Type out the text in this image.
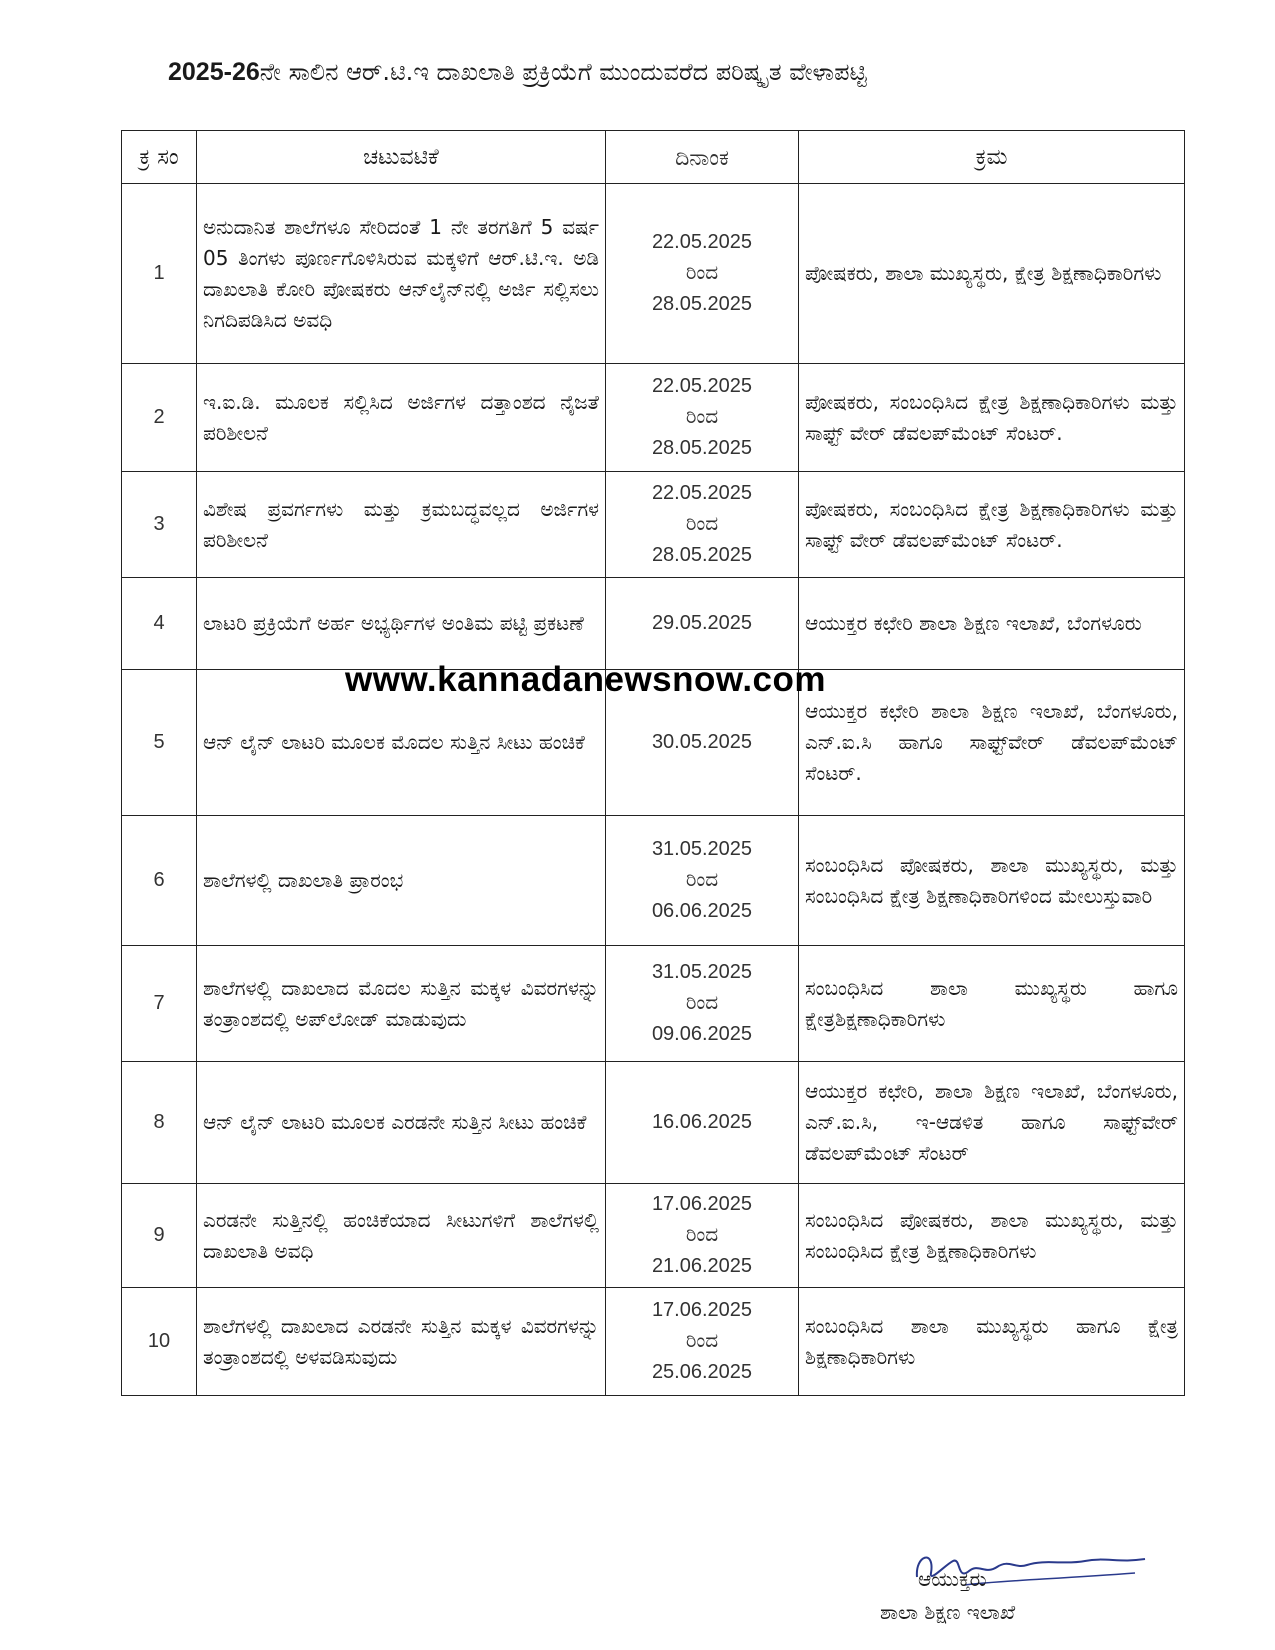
2025-26ನೇ ಸಾಲಿನ ಆರ್.ಟಿ.ಇ ದಾಖಲಾತಿ ಪ್ರಕ್ರಿಯೆಗೆ ಮುಂದುವರೆದ ಪರಿಷ್ಕೃತ ವೇಳಾಪಟ್ಟಿ
ಕ್ರ ಸಂ	ಚಟುವಟಿಕೆ	ದಿನಾಂಕ	ಕ್ರಮ
1	ಅನುದಾನಿತ ಶಾಲೆಗಳೂ ಸೇರಿದಂತೆ 1 ನೇ ತರಗತಿಗೆ 5 ವರ್ಷ 05 ತಿಂಗಳು ಪೂರ್ಣಗೊಳಿಸಿರುವ ಮಕ್ಕಳಿಗೆ ಆರ್.ಟಿ.ಇ. ಅಡಿ ದಾಖಲಾತಿ ಕೋರಿ ಪೋಷಕರು ಆನ್‌ಲೈನ್‌ನಲ್ಲಿ ಅರ್ಜಿ ಸಲ್ಲಿಸಲು ನಿಗದಿಪಡಿಸಿದ ಅವಧಿ	22.05.2025
ರಿಂದ
28.05.2025	ಪೋಷಕರು, ಶಾಲಾ ಮುಖ್ಯಸ್ಥರು, ಕ್ಷೇತ್ರ ಶಿಕ್ಷಣಾಧಿಕಾರಿಗಳು
2	ಇ.ಐ.ಡಿ. ಮೂಲಕ ಸಲ್ಲಿಸಿದ ಅರ್ಜಿಗಳ ದತ್ತಾಂಶದ ನೈಜತೆ ಪರಿಶೀಲನೆ	22.05.2025
ರಿಂದ
28.05.2025	ಪೋಷಕರು, ಸಂಬಂಧಿಸಿದ ಕ್ಷೇತ್ರ ಶಿಕ್ಷಣಾಧಿಕಾರಿಗಳು ಮತ್ತು ಸಾಫ್ಟ್ ವೇರ್ ಡೆವಲಪ್‌ಮೆಂಟ್ ಸೆಂಟರ್.
3	ವಿಶೇಷ ಪ್ರವರ್ಗಗಳು ಮತ್ತು ಕ್ರಮಬದ್ಧವಲ್ಲದ ಅರ್ಜಿಗಳ ಪರಿಶೀಲನೆ	22.05.2025
ರಿಂದ
28.05.2025	ಪೋಷಕರು, ಸಂಬಂಧಿಸಿದ ಕ್ಷೇತ್ರ ಶಿಕ್ಷಣಾಧಿಕಾರಿಗಳು ಮತ್ತು ಸಾಫ್ಟ್ ವೇರ್ ಡೆವಲಪ್‌ಮೆಂಟ್ ಸೆಂಟರ್.
4	ಲಾಟರಿ ಪ್ರಕ್ರಿಯೆಗೆ ಅರ್ಹ ಅಭ್ಯರ್ಥಿಗಳ ಅಂತಿಮ ಪಟ್ಟಿ ಪ್ರಕಟಣೆ	29.05.2025	ಆಯುಕ್ತರ ಕಛೇರಿ ಶಾಲಾ ಶಿಕ್ಷಣ ಇಲಾಖೆ, ಬೆಂಗಳೂರು
5	ಆನ್ ಲೈನ್ ಲಾಟರಿ ಮೂಲಕ ಮೊದಲ ಸುತ್ತಿನ ಸೀಟು ಹಂಚಿಕೆ	30.05.2025	ಆಯುಕ್ತರ ಕಛೇರಿ ಶಾಲಾ ಶಿಕ್ಷಣ ಇಲಾಖೆ, ಬೆಂಗಳೂರು, ಎನ್.ಐ.ಸಿ ಹಾಗೂ ಸಾಫ್ಟ್‌ವೇರ್ ಡೆವಲಪ್‌ಮೆಂಟ್ ಸೆಂಟರ್.
6	ಶಾಲೆಗಳಲ್ಲಿ ದಾಖಲಾತಿ ಪ್ರಾರಂಭ	31.05.2025
ರಿಂದ
06.06.2025	ಸಂಬಂಧಿಸಿದ ಪೋಷಕರು, ಶಾಲಾ ಮುಖ್ಯಸ್ಥರು, ಮತ್ತು ಸಂಬಂಧಿಸಿದ ಕ್ಷೇತ್ರ ಶಿಕ್ಷಣಾಧಿಕಾರಿಗಳಿಂದ ಮೇಲುಸ್ತುವಾರಿ
7	ಶಾಲೆಗಳಲ್ಲಿ ದಾಖಲಾದ ಮೊದಲ ಸುತ್ತಿನ ಮಕ್ಕಳ ವಿವರಗಳನ್ನು ತಂತ್ರಾಂಶದಲ್ಲಿ ಅಪ್‌ಲೋಡ್ ಮಾಡುವುದು	31.05.2025
ರಿಂದ
09.06.2025	ಸಂಬಂಧಿಸಿದ ಶಾಲಾ ಮುಖ್ಯಸ್ಥರು ಹಾಗೂ ಕ್ಷೇತ್ರಶಿಕ್ಷಣಾಧಿಕಾರಿಗಳು
8	ಆನ್ ಲೈನ್ ಲಾಟರಿ ಮೂಲಕ ಎರಡನೇ ಸುತ್ತಿನ ಸೀಟು ಹಂಚಿಕೆ	16.06.2025	ಆಯುಕ್ತರ ಕಛೇರಿ, ಶಾಲಾ ಶಿಕ್ಷಣ ಇಲಾಖೆ, ಬೆಂಗಳೂರು, ಎನ್.ಐ.ಸಿ, ಇ-ಆಡಳಿತ ಹಾಗೂ ಸಾಫ್ಟ್‌ವೇರ್ ಡೆವಲಪ್‌ಮೆಂಟ್ ಸೆಂಟರ್
9	ಎರಡನೇ ಸುತ್ತಿನಲ್ಲಿ ಹಂಚಿಕೆಯಾದ ಸೀಟುಗಳಿಗೆ ಶಾಲೆಗಳಲ್ಲಿ ದಾಖಲಾತಿ ಅವಧಿ	17.06.2025
ರಿಂದ
21.06.2025	ಸಂಬಂಧಿಸಿದ ಪೋಷಕರು, ಶಾಲಾ ಮುಖ್ಯಸ್ಥರು, ಮತ್ತು ಸಂಬಂಧಿಸಿದ ಕ್ಷೇತ್ರ ಶಿಕ್ಷಣಾಧಿಕಾರಿಗಳು
10	ಶಾಲೆಗಳಲ್ಲಿ ದಾಖಲಾದ ಎರಡನೇ ಸುತ್ತಿನ ಮಕ್ಕಳ ವಿವರಗಳನ್ನು ತಂತ್ರಾಂಶದಲ್ಲಿ ಅಳವಡಿಸುವುದು	17.06.2025
ರಿಂದ
25.06.2025	ಸಂಬಂಧಿಸಿದ ಶಾಲಾ ಮುಖ್ಯಸ್ಥರು ಹಾಗೂ ಕ್ಷೇತ್ರ ಶಿಕ್ಷಣಾಧಿಕಾರಿಗಳು
www.kannadanewsnow.com
ಆಯುಕ್ತರು
ಶಾಲಾ ಶಿಕ್ಷಣ ಇಲಾಖೆ
